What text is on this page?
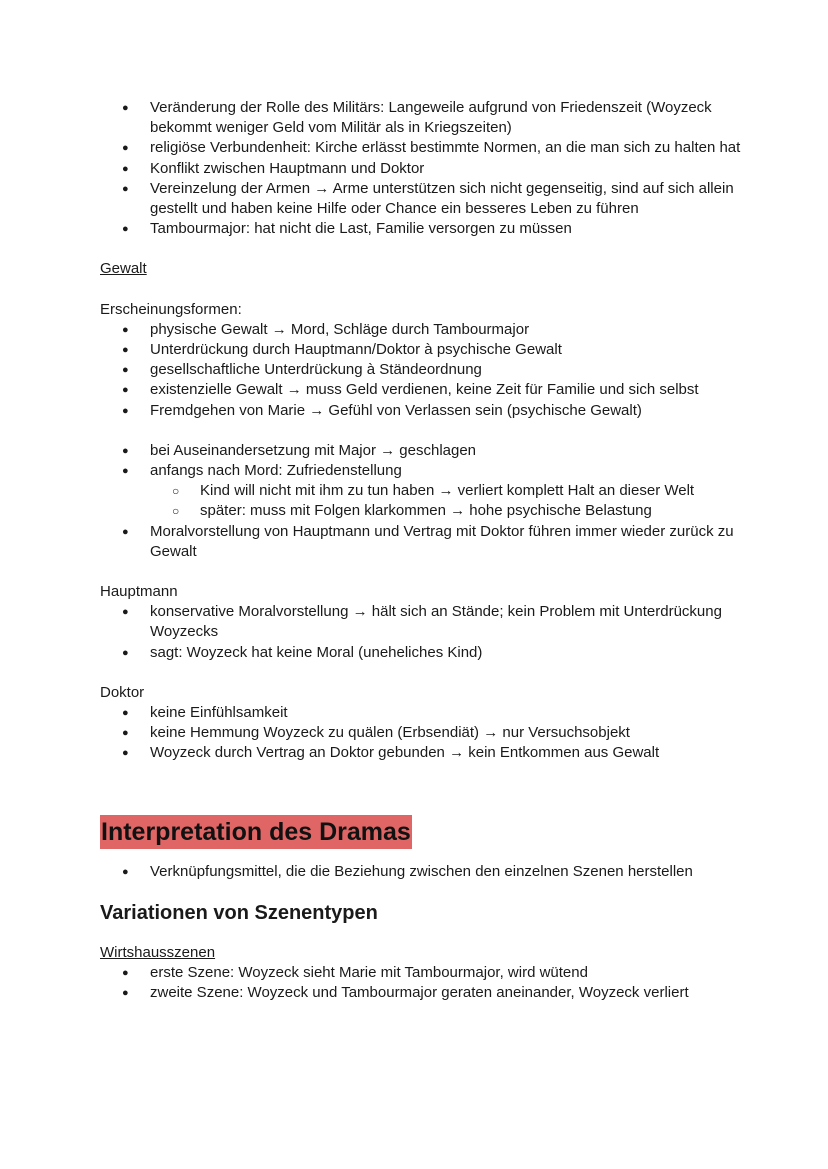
● Veränderung der Rolle des Militärs: Langeweile aufgrund von Friedenszeit (Woyzeck bekommt weniger Geld vom Militär als in Kriegszeiten)
● religiöse Verbundenheit: Kirche erlässt bestimmte Normen, an die man sich zu halten hat
● Konflikt zwischen Hauptmann und Doktor
● Vereinzelung der Armen → Arme unterstützen sich nicht gegenseitig, sind auf sich allein gestellt und haben keine Hilfe oder Chance ein besseres Leben zu führen
● Tambourmajor: hat nicht die Last, Familie versorgen zu müssen
Gewalt
Erscheinungsformen:
● physische Gewalt → Mord, Schläge durch Tambourmajor
● Unterdrückung durch Hauptmann/Doktor à psychische Gewalt
● gesellschaftliche Unterdrückung à Ständeordnung
● existenzielle Gewalt → muss Geld verdienen, keine Zeit für Familie und sich selbst
● Fremdgehen von Marie → Gefühl von Verlassen sein (psychische Gewalt)
● bei Auseinandersetzung mit Major → geschlagen
● anfangs nach Mord: Zufriedenstellung
○ Kind will nicht mit ihm zu tun haben → verliert komplett Halt an dieser Welt
○ später: muss mit Folgen klarkommen → hohe psychische Belastung
● Moralvorstellung von Hauptmann und Vertrag mit Doktor führen immer wieder zurück zu Gewalt
Hauptmann
● konservative Moralvorstellung → hält sich an Stände; kein Problem mit Unterdrückung Woyzecks
● sagt: Woyzeck hat keine Moral (uneheliches Kind)
Doktor
● keine Einfühlsamkeit
● keine Hemmung Woyzeck zu quälen (Erbsendiät) → nur Versuchsobjekt
● Woyzeck durch Vertrag an Doktor gebunden → kein Entkommen aus Gewalt
Interpretation des Dramas
● Verknüpfungsmittel, die die Beziehung zwischen den einzelnen Szenen herstellen
Variationen von Szenentypen
Wirtshausszenen
● erste Szene: Woyzeck sieht Marie mit Tambourmajor, wird wütend
● zweite Szene: Woyzeck und Tambourmajor geraten aneinander, Woyzeck verliert
